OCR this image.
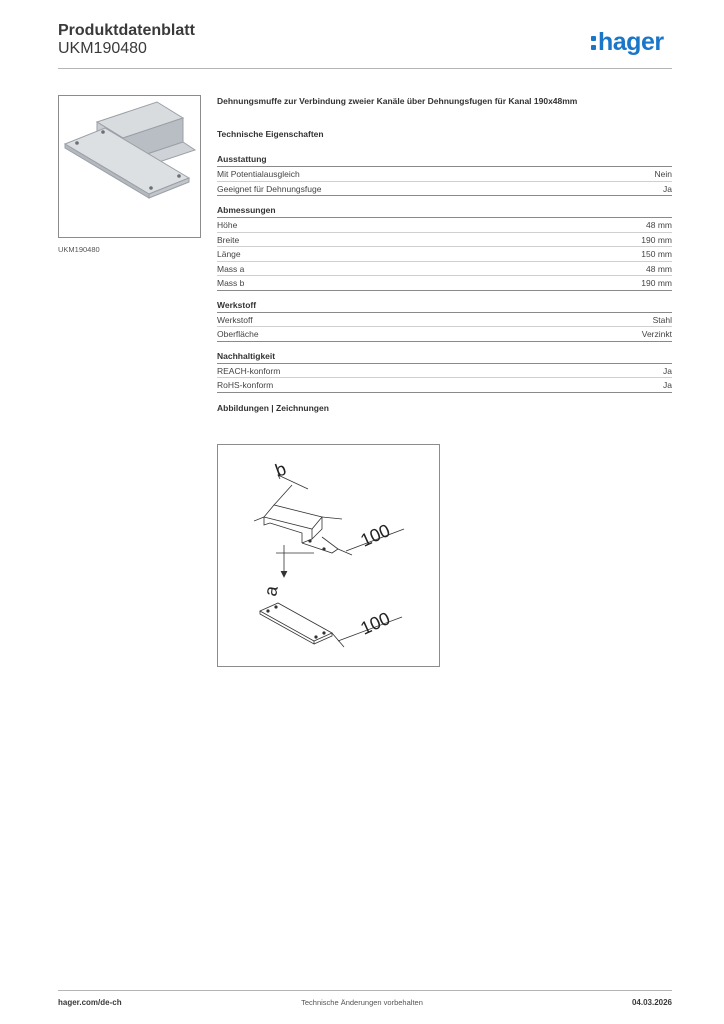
Produktdatenblatt
UKM190480	hager
UKM190480
Dehnungsmuffe zur Verbindung zweier Kanäle über Dehnungsfugen für Kanal 190x48mm
Technische Eigenschaften
Ausstattung
Mit Potentialausgleich	Nein
Geeignet für Dehnungsfuge	Ja
Abmessungen
Höhe	48 mm
Breite	190 mm
Länge	150 mm
Mass a	48 mm
Mass b	190 mm
Werkstoff
Werkstoff	Stahl
Oberfläche	Verzinkt
Nachhaltigkeit
REACH-konform	Ja
RoHS-konform	Ja
Abbildungen | Zeichnungen
b
100
a
100
hager.com/de-ch	Technische Änderungen vorbehalten	04.03.2026
